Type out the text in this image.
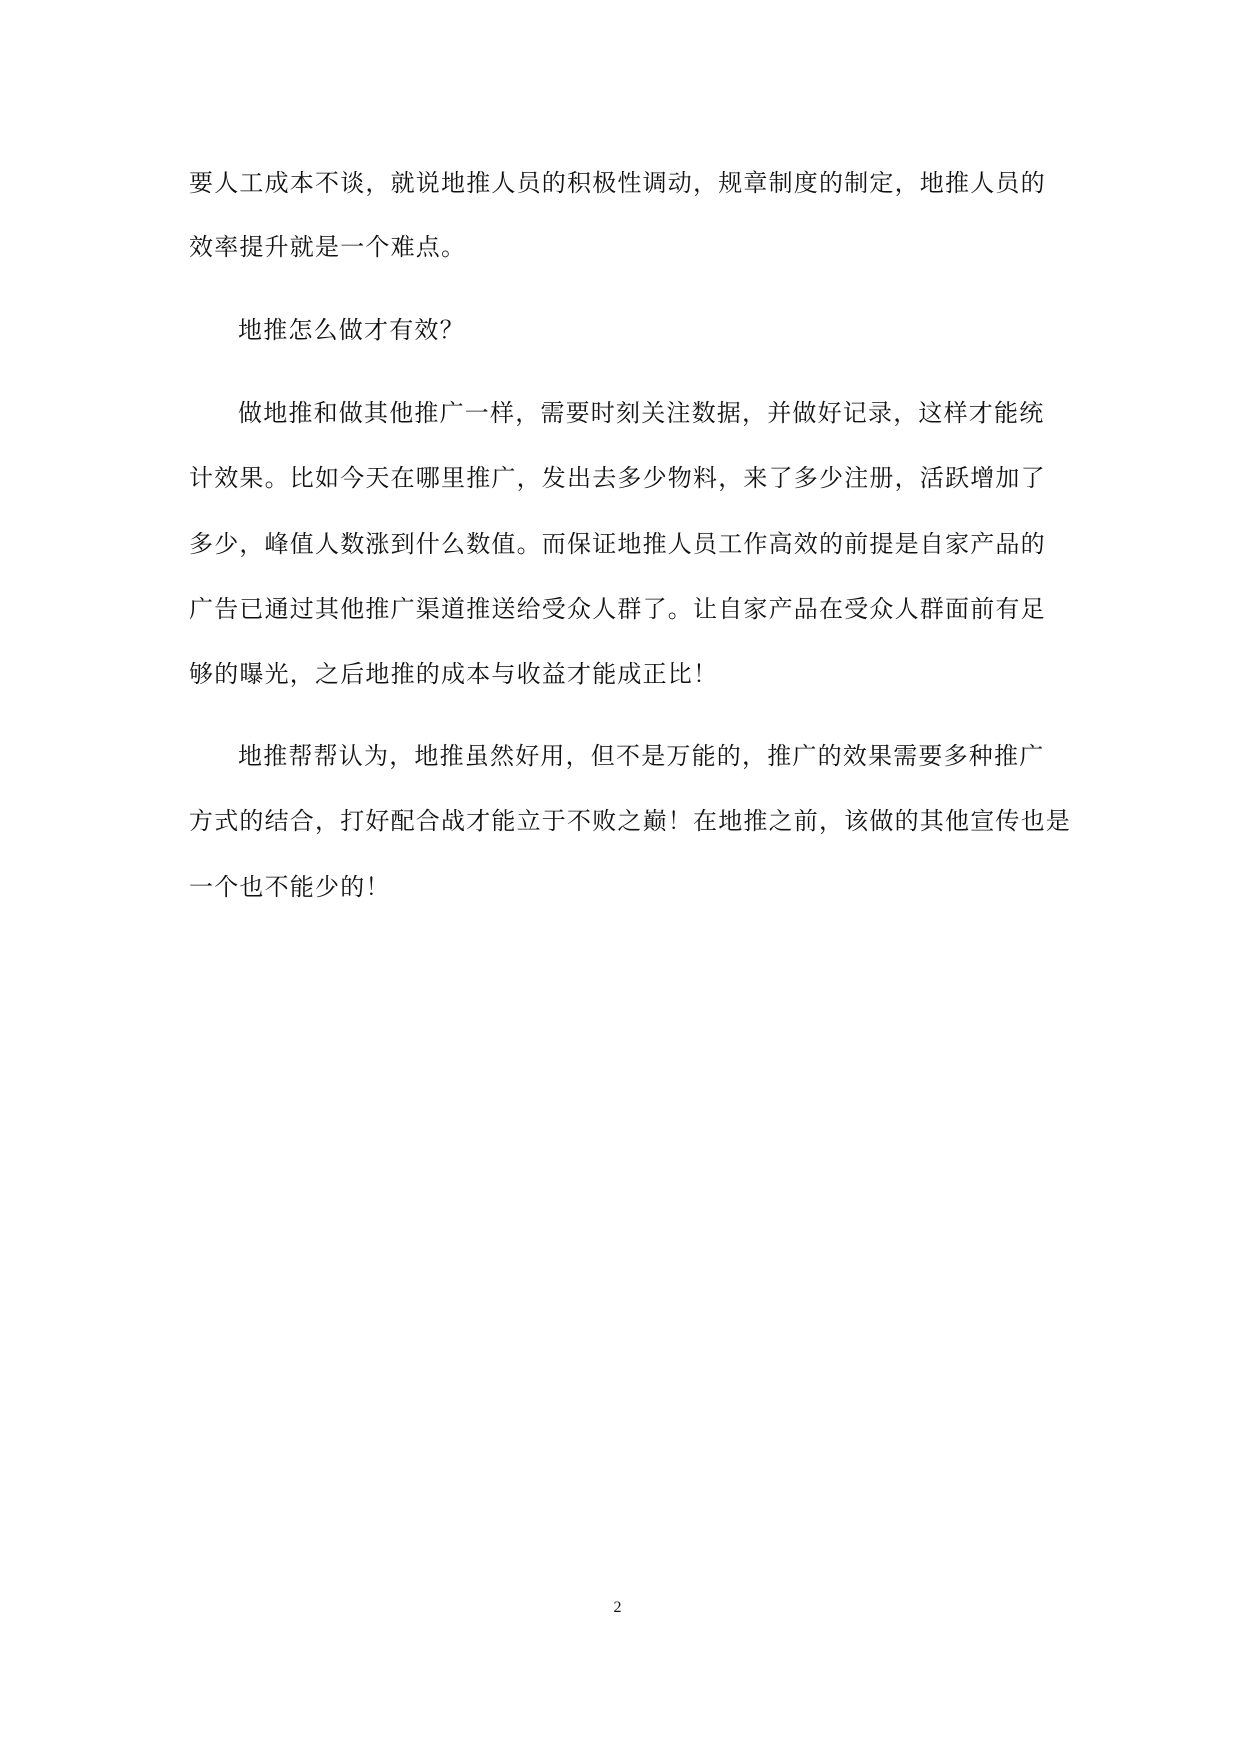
要人工成本不谈，就说地推人员的积极性调动，规章制度的制定，地推人员的
效率提升就是一个难点。
地推怎么做才有效？
做地推和做其他推广一样，需要时刻关注数据，并做好记录，这样才能统
计效果。比如今天在哪里推广，发出去多少物料，来了多少注册，活跃增加了
多少，峰值人数涨到什么数值。而保证地推人员工作高效的前提是自家产品的
广告已通过其他推广渠道推送给受众人群了。让自家产品在受众人群面前有足
够的曝光，之后地推的成本与收益才能成正比！
地推帮帮认为，地推虽然好用，但不是万能的，推广的效果需要多种推广
方式的结合，打好配合战才能立于不败之巅！在地推之前，该做的其他宣传也是
一个也不能少的！
2
